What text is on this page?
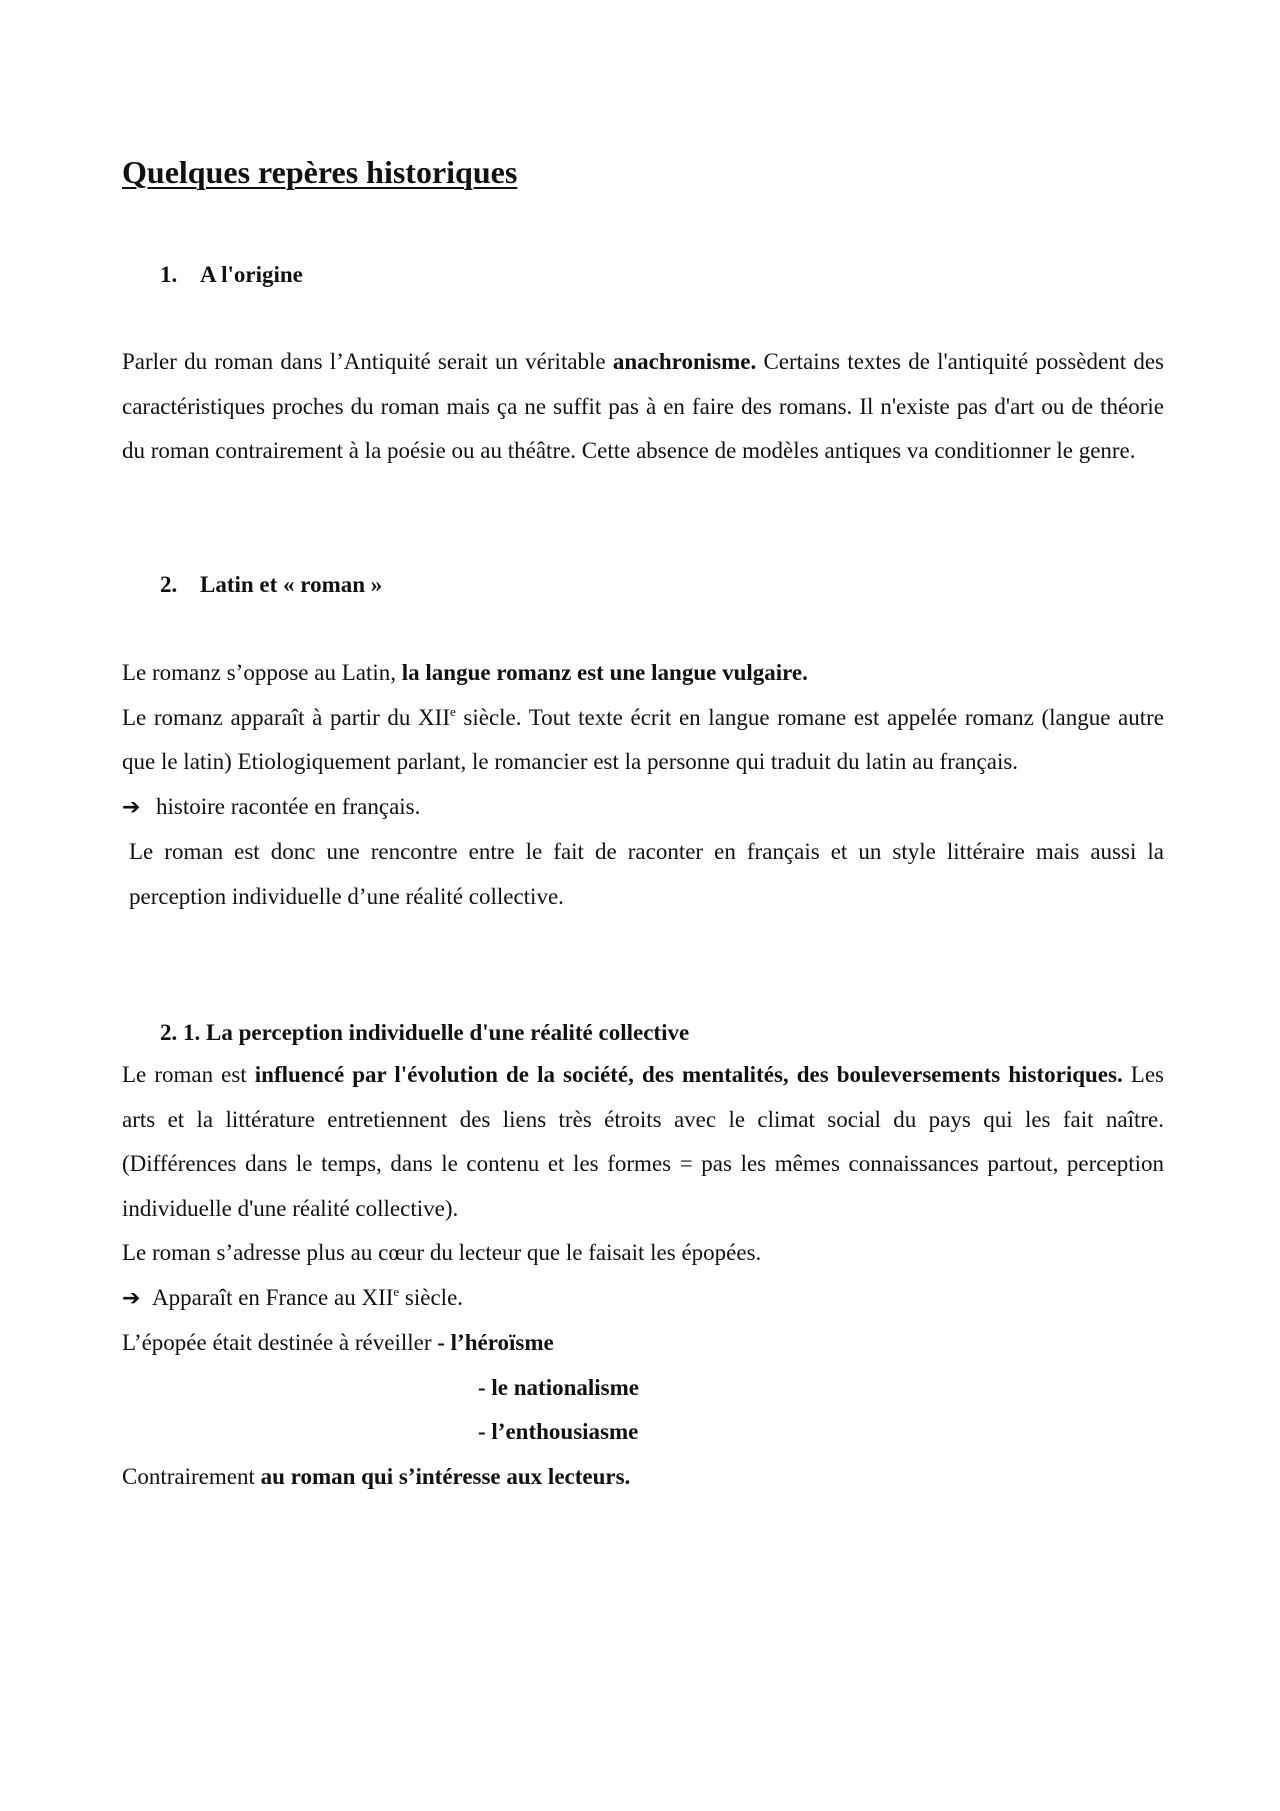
Quelques repères historiques
1. A l'origine

Parler du roman dans l’Antiquité serait un véritable anachronisme. Certains textes de l'antiquité possèdent des caractéristiques proches du roman mais ça ne suffit pas à en faire des romans. Il n'existe pas d'art ou de théorie du roman contrairement à la poésie ou au théâtre. Cette absence de modèles antiques va conditionner le genre.

2. Latin et « roman »

Le romanz s’oppose au Latin, la langue romanz est une langue vulgaire.

Le romanz apparaît à partir du XIIe siècle. Tout texte écrit en langue romane est appelée romanz (langue autre que le latin) Etiologiquement parlant, le romancier est la personne qui traduit du latin au français.

➔ histoire racontée en français.

Le roman est donc une rencontre entre le fait de raconter en français et un style littéraire mais aussi la perception individuelle d’une réalité collective.

2. 1. La perception individuelle d'une réalité collective

Le roman est influencé par l'évolution de la société, des mentalités, des bouleversements historiques. Les arts et la littérature entretiennent des liens très étroits avec le climat social du pays qui les fait naître. (Différences dans le temps, dans le contenu et les formes = pas les mêmes connaissances partout, perception individuelle d'une réalité collective).

Le roman s’adresse plus au cœur du lecteur que le faisait les épopées.

➔ Apparaît en France au XIIe siècle.

L’épopée était destinée à réveiller - l’héroïsme

- le nationalisme

- l’enthousiasme

Contrairement au roman qui s’intéresse aux lecteurs.
